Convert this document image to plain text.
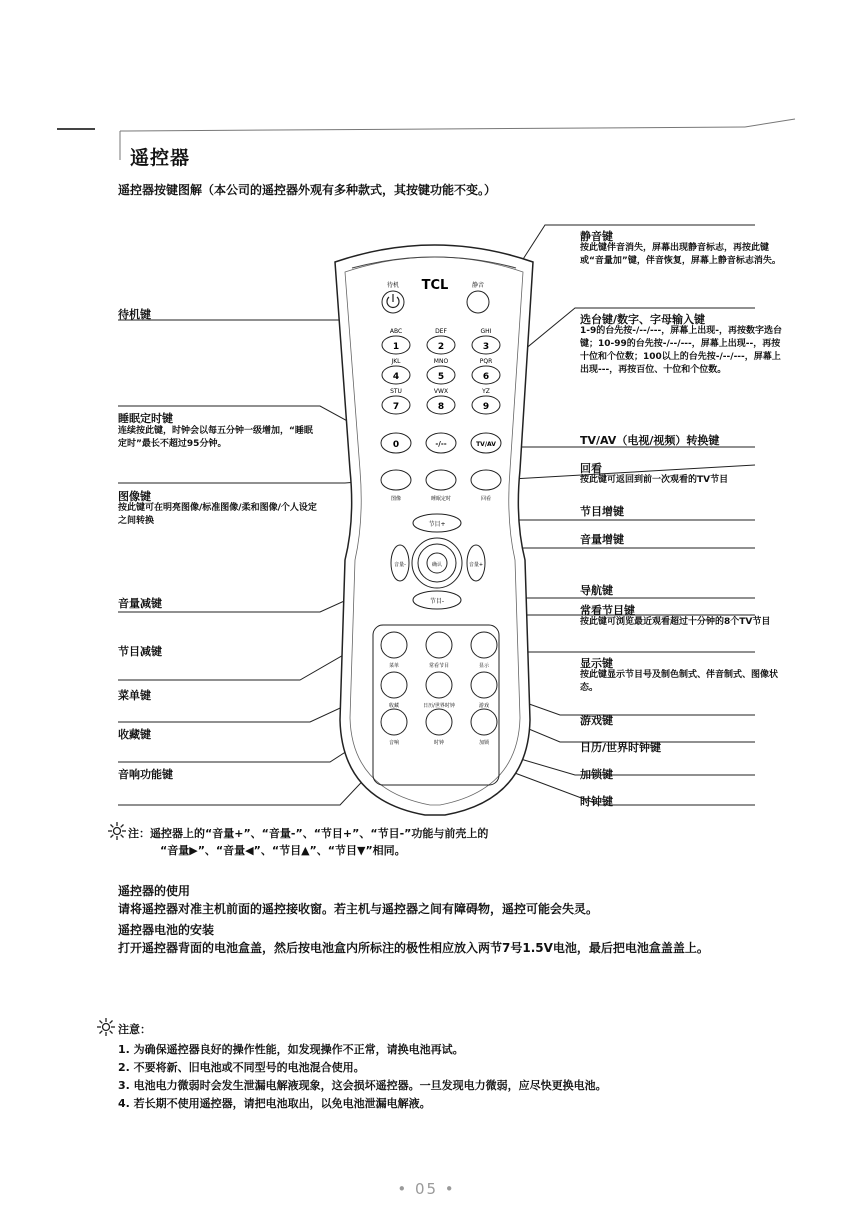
遥控器
遥控器按键图解（本公司的遥控器外观有多种款式，其按键功能不变。）
TCL
待机	静音
ABC
1
DEF
2
GHI
3
JKL
4
MNO
5
PQR
6
STU
7
VWX
8
YZ
9
0	-/--	TV/AV
图像	睡眠定时	回看
节目+
节目-
音量-	音量+
确认
菜单	常看节目	显示
收藏	日历/世界时钟	游戏
音响	时钟	加锁
静音键
按此键伴音消失，屏幕出现静音标志，再按此键或“音量加”键，伴音恢复，屏幕上静音标志消失。
待机键	选台键/数字、字母输入键
1-9的台先按-/--/---，屏幕上出现-，再按数字选台键；10-99的台先按-/--/---，屏幕上出现--，再按十位和个位数；100以上的台先按-/--/---，屏幕上出现---，再按百位、十位和个位数。
睡眠定时键
连续按此键，时钟会以每五分钟一级增加，“睡眠定时”最长不超过95分钟。	TV/AV（电视/视频）转换键
回看
按此键可返回到前一次观看的TV节目
图像键
按此键可在明亮图像/标准图像/柔和图像/个人设定之间转换
节目增键
音量增键
导航键
音量减键
常看节目键
按此键可浏览最近观看超过十分钟的8个TV节目
节目减键
显示键
按此键显示节目号及制色制式、伴音制式、图像状态。
菜单键
游戏键
收藏键
日历/世界时钟键
音响功能键	加锁键
时钟键
注：遥控器上的“音量+”、“音量-”、“节目+”、“节目-”功能与前壳上的
“音量▶”、“音量◀”、“节目▲”、“节目▼”相同。
遥控器的使用
请将遥控器对准主机前面的遥控接收窗。若主机与遥控器之间有障碍物，遥控可能会失灵。
遥控器电池的安装
打开遥控器背面的电池盒盖，然后按电池盒内所标注的极性相应放入两节7号1.5V电池，最后把电池盒盖盖上。
注意：
1. 为确保遥控器良好的操作性能，如发现操作不正常，请换电池再试。
2. 不要将新、旧电池或不同型号的电池混合使用。
3. 电池电力微弱时会发生泄漏电解液现象，这会损坏遥控器。一旦发现电力微弱，应尽快更换电池。
4. 若长期不使用遥控器，请把电池取出，以免电池泄漏电解液。
• 05 •
